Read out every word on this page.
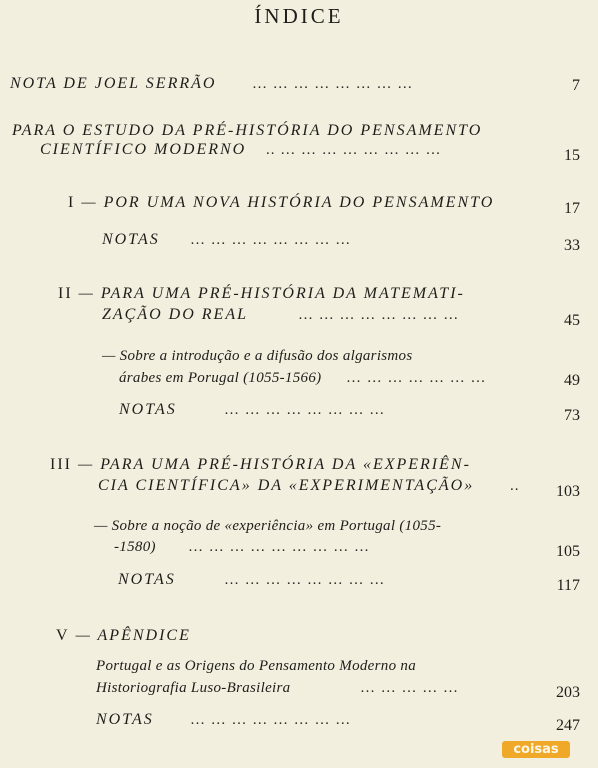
ÍNDICE
NOTA DE JOEL SERRÃO … … … … … … … …	7
PARA O ESTUDO DA PRÉ-HISTÓRIA DO PENSAMENTO
CIENTÍFICO MODERNO .. … … … … … … … …	15
I — POR UMA NOVA HISTÓRIA DO PENSAMENTO	17
NOTAS … … … … … … … …	33
II — PARA UMA PRÉ-HISTÓRIA DA MATEMATI-
ZAÇÃO DO REAL	… … … … … … … …	45
— Sobre a introdução e a difusão dos algarismos
árabes em Porugal (1055-1566) … … … … … … …	49
NOTAS	… … … … … … … …	73
III — PARA UMA PRÉ-HISTÓRIA DA «EXPERIÊN-
CIA CIENTÍFICA» DA «EXPERIMENTAÇÃO» .. 103
— Sobre a noção de «experiência» em Portugal (1055-
-1580) … … … … … … … … …	105
NOTAS	… … … … … … … …	117
V — APÊNDICE
Portugal e as Origens do Pensamento Moderno na
Historiografia Luso-Brasileira	… … … … …	203
NOTAS … … … … … … … …	247
coisas
